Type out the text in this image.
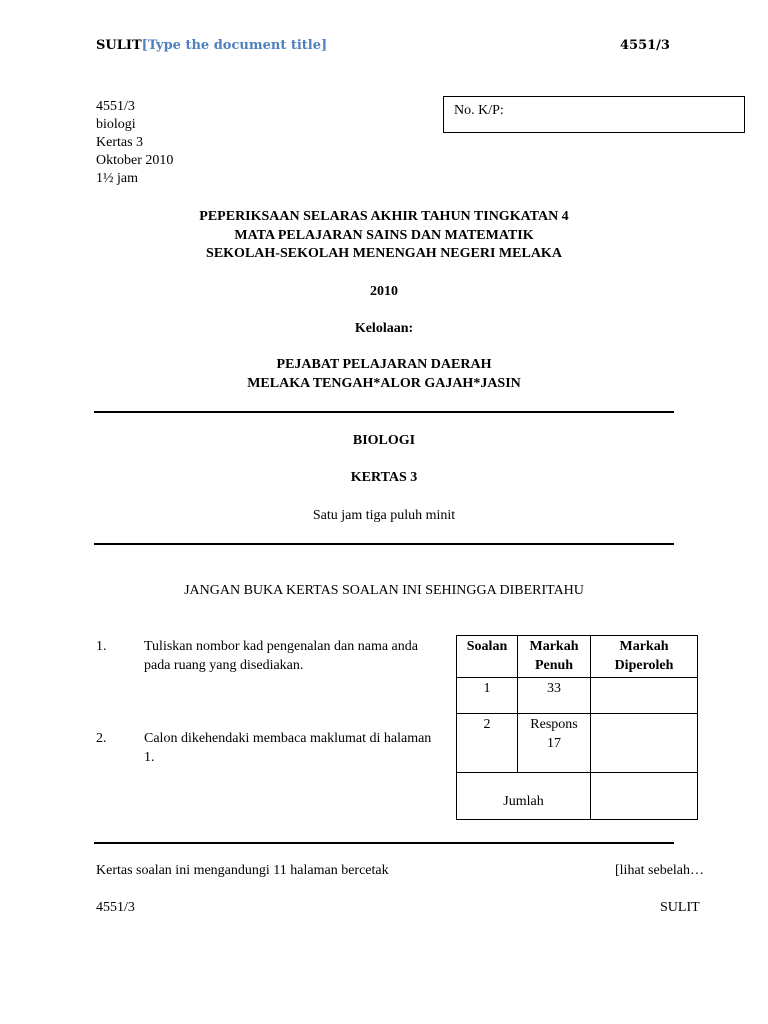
SULIT[Type the document title]	4551/3
4551/3
biologi
Kertas 3
Oktober 2010
1½ jam
No. K/P:
PEPERIKSAAN SELARAS AKHIR TAHUN TINGKATAN 4
MATA PELAJARAN SAINS DAN MATEMATIK
SEKOLAH-SEKOLAH MENENGAH NEGERI MELAKA
2010
Kelolaan:
PEJABAT PELAJARAN DAERAH
MELAKA TENGAH*ALOR GAJAH*JASIN
BIOLOGI
KERTAS 3
Satu jam tiga puluh minit
JANGAN BUKA KERTAS SOALAN INI SEHINGGA DIBERITAHU
1.	Tuliskan nombor kad pengenalan dan nama anda pada ruang yang disediakan.
2.	Calon dikehendaki membaca maklumat di halaman 1.
Soalan	Markah Penuh	Markah Diperoleh
1	33	
2	Respons 17	
Jumlah		
Kertas soalan ini mengandungi 11 halaman bercetak	[lihat sebelah…
4551/3	SULIT
